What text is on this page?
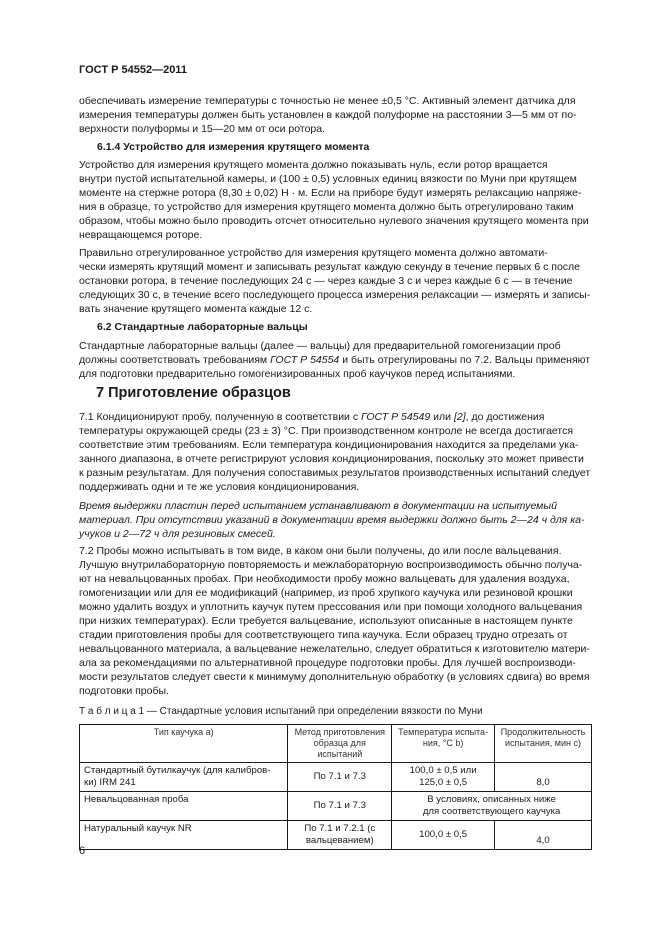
ГОСТ Р 54552—2011

обеспечивать измерение температуры с точностью не менее ±0,5 °С. Активный элемент датчика для
измерения температуры должен быть установлен в каждой полуформе на расстоянии 3—5 мм от по-
верхности полуформы и 15—20 мм от оси ротора.

6.1.4 Устройство для измерения крутящего момента

Устройство для измерения крутящего момента должно показывать нуль, если ротор вращается
внутри пустой испытательной камеры, и (100 ± 0,5) условных единиц вязкости по Муни при крутящем
моменте на стержне ротора (8,30 ± 0,02) Н · м. Если на приборе будут измерять релаксацию напряже-
ния в образце, то устройство для измерения крутящего момента должно быть отрегулировано таким
образом, чтобы можно было проводить отсчет относительно нулевого значения крутящего момента при
невращающемся роторе.

Правильно отрегулированное устройство для измерения крутящего момента должно автомати-
чески измерять крутящий момент и записывать результат каждую секунду в течение первых 6 с после
остановки ротора, в течение последующих 24 с — через каждые 3 с и через каждые 6 с — в течение
следующих 30 с, в течение всего последующего процесса измерения релаксации — измерять и записы-
вать значение крутящего момента каждые 12 с.

6.2 Стандартные лабораторные вальцы

Стандартные лабораторные вальцы (далее — вальцы) для предварительной гомогенизации проб
должны соответствовать требованиям ГОСТ Р 54554 и быть отрегулированы по 7.2. Вальцы применяют
для подготовки предварительно гомогенизированных проб каучуков перед испытаниями.

7 Приготовление образцов

7.1 Кондиционируют пробу, полученную в соответствии с ГОСТ Р 54549 или [2], до достижения
температуры окружающей среды (23 ± 3) °С. При производственном контроле не всегда достигается
соответствие этим требованиям. Если температура кондиционирования находится за пределами ука-
занного диапазона, в отчете регистрируют условия кондиционирования, поскольку это может привести
к разным результатам. Для получения сопоставимых результатов производственных испытаний следует
поддерживать одни и те же условия кондиционирования.

Время выдержки пластин перед испытанием устанавливают в документации на испытуемый
материал. При отсутствии указаний в документации время выдержки должно быть 2—24 ч для ка-
учуков и 2—72 ч для резиновых смесей.

7.2 Пробы можно испытывать в том виде, в каком они были получены, до или после вальцевания.
Лучшую внутрилабораторную повторяемость и межлабораторную воспроизводимость обычно получа-
ют на невальцованных пробах. При необходимости пробу можно вальцевать для удаления воздуха,
гомогенизации или для ее модификаций (например, из проб хрупкого каучука или резиновой крошки
можно удалить воздух и уплотнить каучук путем прессования или при помощи холодного вальцевания
при низких температурах). Если требуется вальцевание, используют описанные в настоящем пункте
стадии приготовления пробы для соответствующего типа каучука. Если образец трудно отрезать от
невальцованного материала, а вальцевание нежелательно, следует обратиться к изготовителю матери-
ала за рекомендациями по альтернативной процедуре подготовки пробы. Для лучшей воспроизводи-
мости результатов следует свести к минимуму дополнительную обработку (в условиях сдвига) во время
подготовки пробы.

Т а б л и ц а 1 — Стандартные условия испытаний при определении вязкости по Муни
Тип каучука а)	Метод приготовления образца для испытаний	Температура испыта-ния, °С b)	Продолжительность испытания, мин c)
Стандартный бутилкаучук (для калибров-
ки) IRM 241	По 7.1 и 7.3	100,0 ± 0,5 или
125,0 ± 0,5	8,0
Невальцованная проба	По 7.1 и 7.3	В условиях, описанных ниже
для соответствующего каучука	
Натуральный каучук NR	По 7.1 и 7.2.1 (с
вальцеванием)	100,0 ± 0,5	4,0
6
